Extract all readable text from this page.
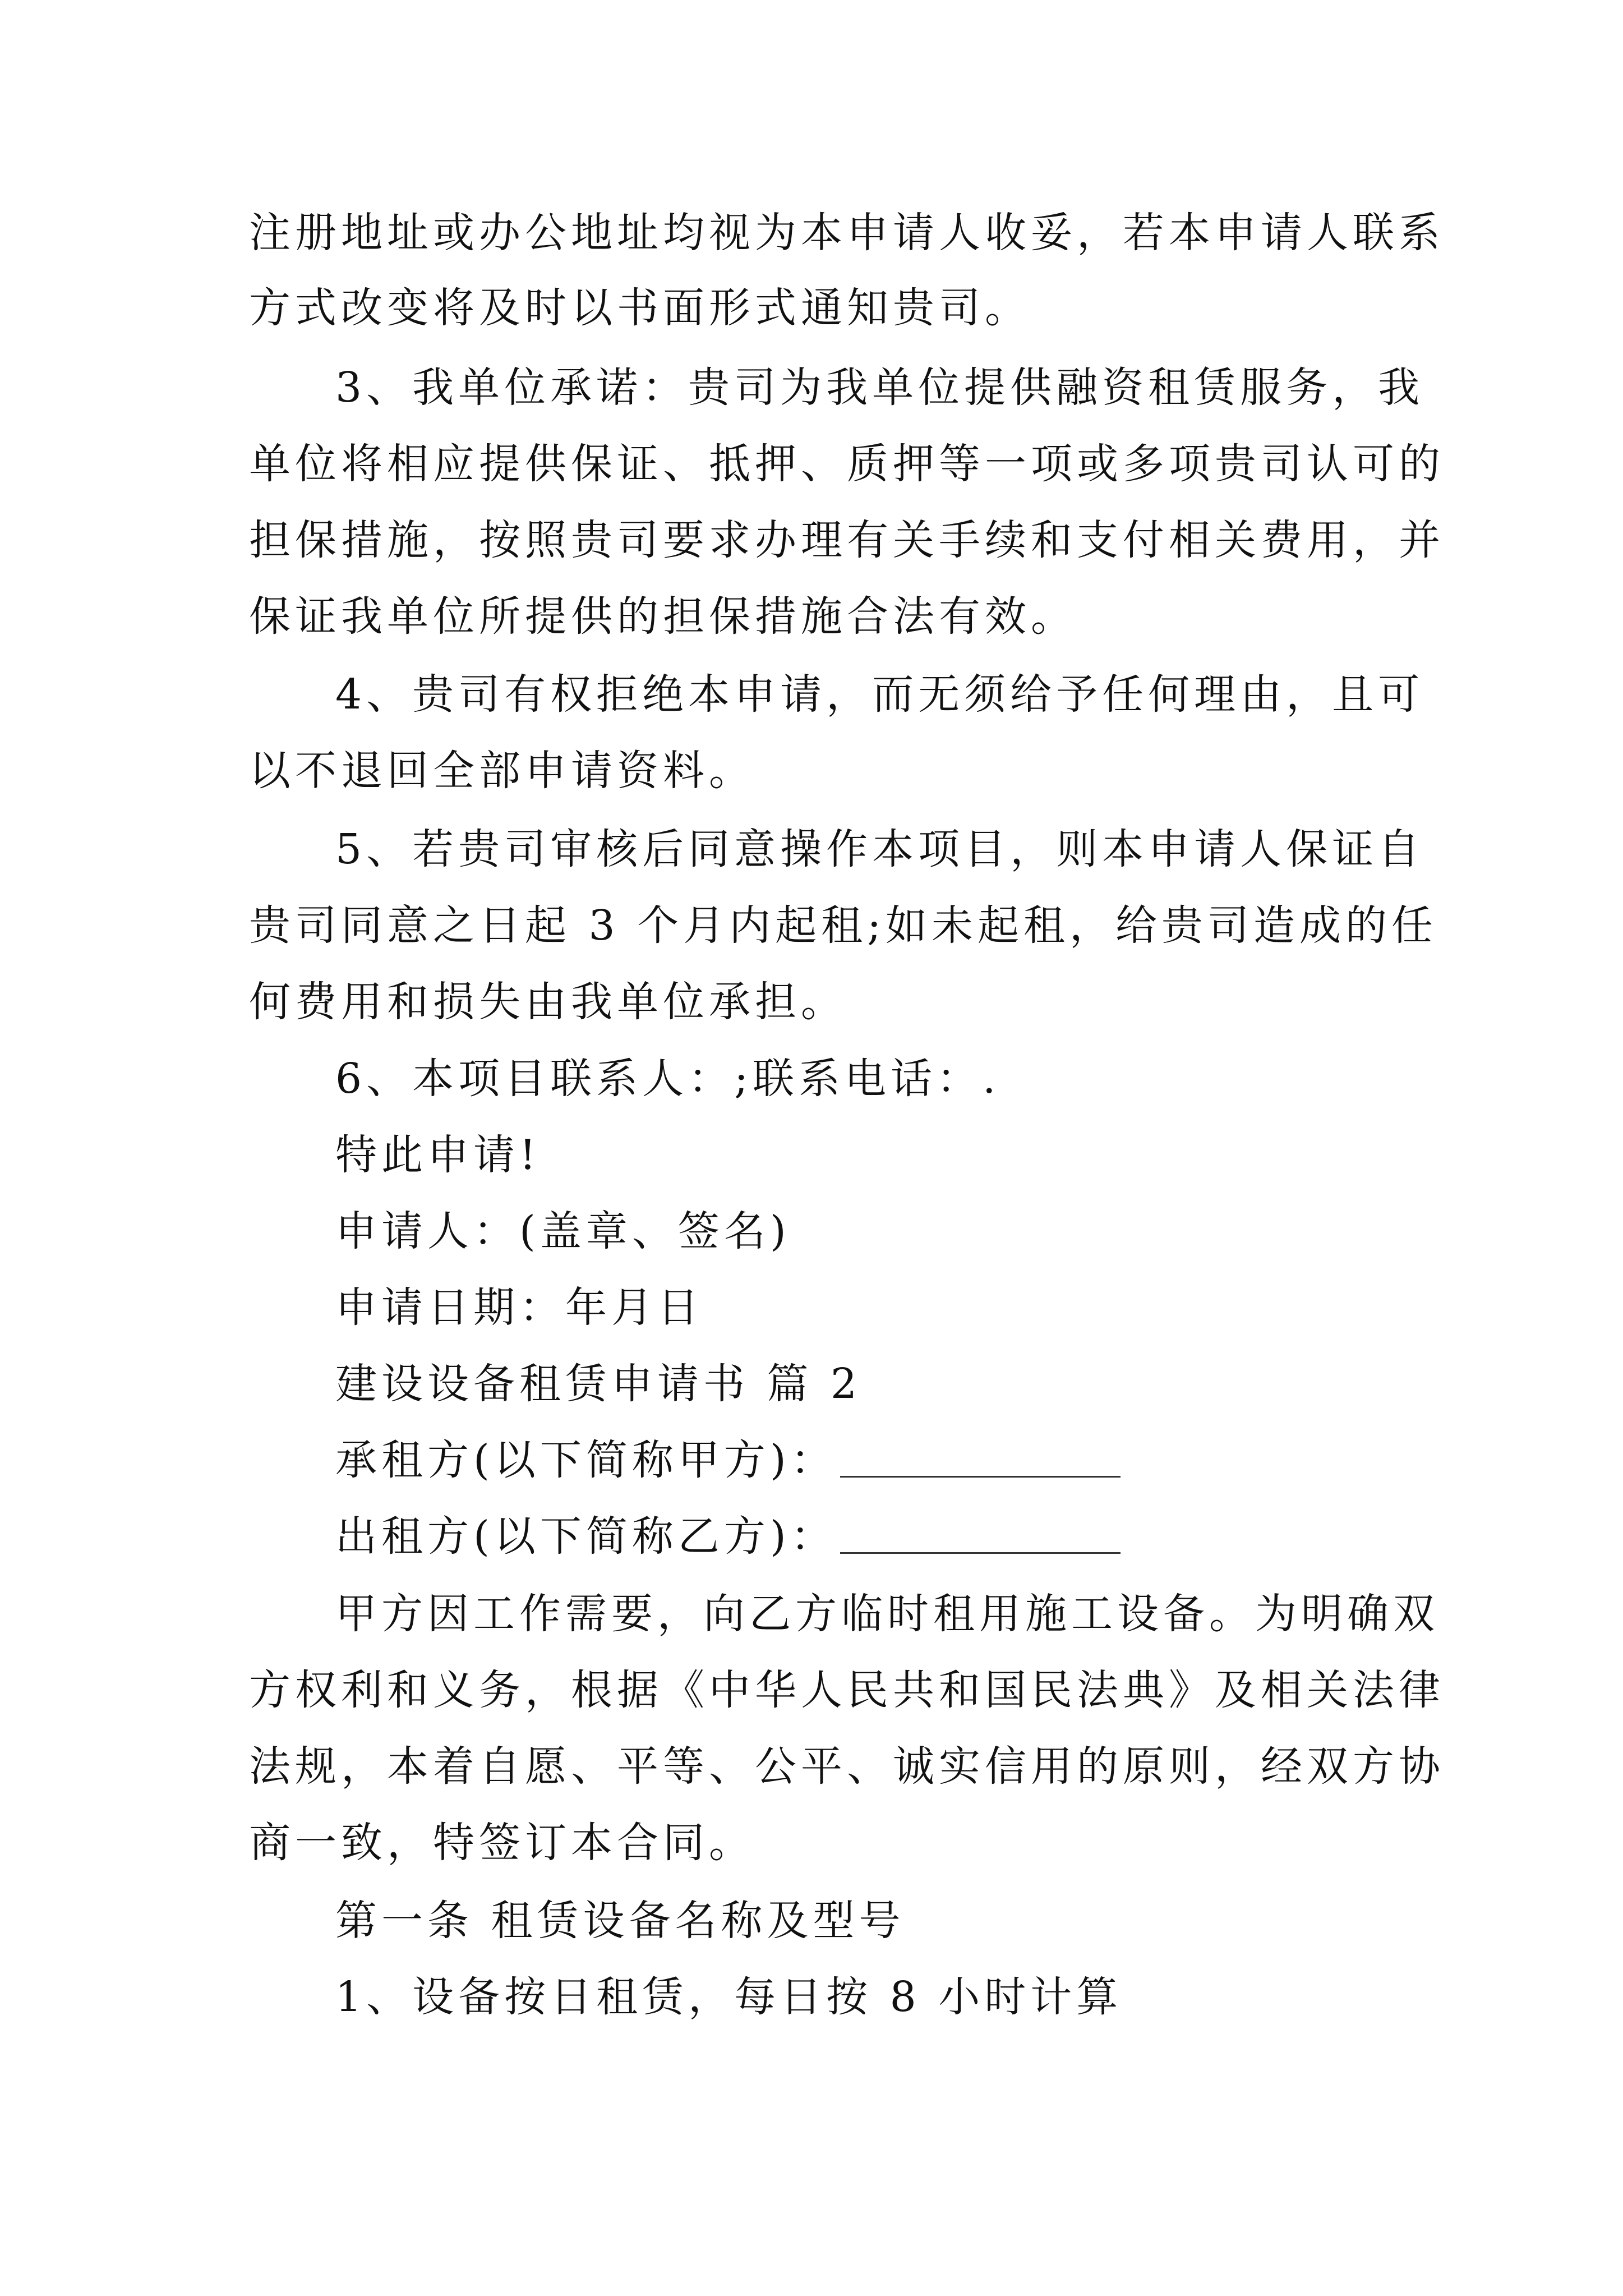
注册地址或办公地址均视为本申请人收妥，若本申请人联系
方式改变将及时以书面形式通知贵司。
3、我单位承诺：贵司为我单位提供融资租赁服务，我
单位将相应提供保证、抵押、质押等一项或多项贵司认可的
担保措施，按照贵司要求办理有关手续和支付相关费用，并
保证我单位所提供的担保措施合法有效。
4、贵司有权拒绝本申请，而无须给予任何理由，且可
以不退回全部申请资料。
5、若贵司审核后同意操作本项目，则本申请人保证自
贵司同意之日起 3 个月内起租;如未起租，给贵司造成的任
何费用和损失由我单位承担。
6、本项目联系人：;联系电话：.
特此申请!
申请人：(盖章、签名)
申请日期：年月日
建设设备租赁申请书 篇 2
承租方(以下简称甲方)：
出租方(以下简称乙方)：
甲方因工作需要，向乙方临时租用施工设备。为明确双
方权利和义务，根据《中华人民共和国民法典》及相关法律
法规，本着自愿、平等、公平、诚实信用的原则，经双方协
商一致，特签订本合同。
第一条 租赁设备名称及型号
1、设备按日租赁，每日按 8 小时计算
